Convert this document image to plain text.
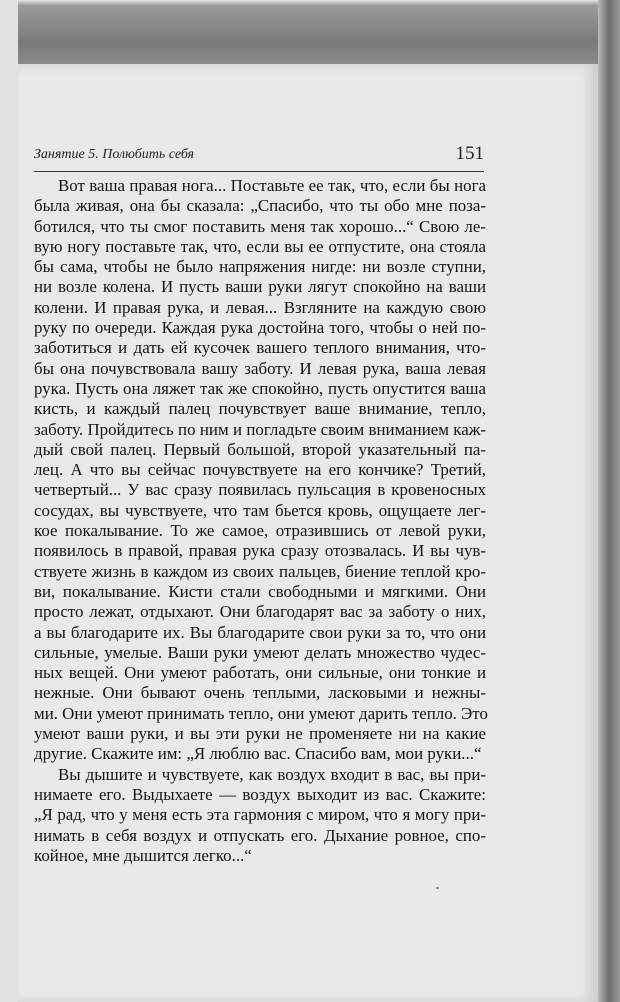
Занятие 5. Полюбить себя	151
Вот ваша правая нога... Поставьте ее так, что, если бы нога
была живая, она бы сказала: „Спасибо, что ты обо мне поза-
ботился, что ты смог поставить меня так хорошо...“ Свою ле-
вую ногу поставьте так, что, если вы ее отпустите, она стояла
бы сама, чтобы не было напряжения нигде: ни возле ступни,
ни возле колена. И пусть ваши руки лягут спокойно на ваши
колени. И правая рука, и левая... Взгляните на каждую свою
руку по очереди. Каждая рука достойна того, чтобы о ней по-
заботиться и дать ей кусочек вашего теплого внимания, что-
бы она почувствовала вашу заботу. И левая рука, ваша левая
рука. Пусть она ляжет так же спокойно, пусть опустится ваша
кисть, и каждый палец почувствует ваше внимание, тепло,
заботу. Пройдитесь по ним и погладьте своим вниманием каж-
дый свой палец. Первый большой, второй указательный па-
лец. А что вы сейчас почувствуете на его кончике? Третий,
четвертый... У вас сразу появилась пульсация в кровеносных
сосудах, вы чувствуете, что там бьется кровь, ощущаете лег-
кое покалывание. То же самое, отразившись от левой руки,
появилось в правой, правая рука сразу отозвалась. И вы чув-
ствуете жизнь в каждом из своих пальцев, биение теплой кро-
ви, покалывание. Кисти стали свободными и мягкими. Они
просто лежат, отдыхают. Они благодарят вас за заботу о них,
а вы благодарите их. Вы благодарите свои руки за то, что они
сильные, умелые. Ваши руки умеют делать множество чудес-
ных вещей. Они умеют работать, они сильные, они тонкие и
нежные. Они бывают очень теплыми, ласковыми и нежны-
ми. Они умеют принимать тепло, они умеют дарить тепло. Это
умеют ваши руки, и вы эти руки не променяете ни на какие
другие. Скажите им: „Я люблю вас. Спасибо вам, мои руки...“
Вы дышите и чувствуете, как воздух входит в вас, вы при-
нимаете его. Выдыхаете — воздух выходит из вас. Скажите:
„Я рад, что у меня есть эта гармония с миром, что я могу при-
нимать в себя воздух и отпускать его. Дыхание ровное, спо-
койное, мне дышится легко...“
